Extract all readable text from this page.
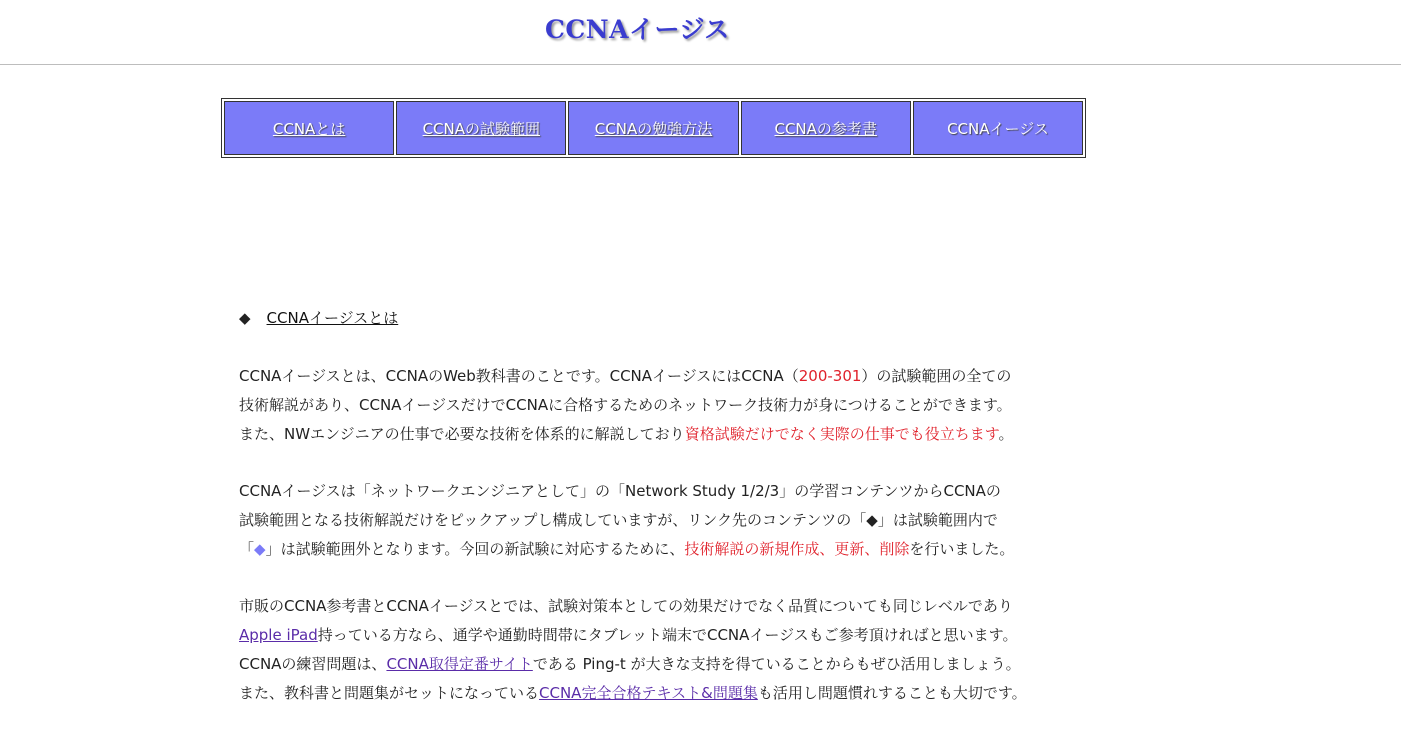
CCNAイージス
CCNAとは	CCNAの試験範囲	CCNAの勉強方法	CCNAの参考書	CCNAイージス
◆ CCNAイージスとは

CCNAイージスとは、CCNAのWeb教科書のことです。CCNAイージスにはCCNA（200-301）の試験範囲の全ての
技術解説があり、CCNAイージスだけでCCNAに合格するためのネットワーク技術力が身につけることができます。
また、NWエンジニアの仕事で必要な技術を体系的に解説しており資格試験だけでなく実際の仕事でも役立ちます。

CCNAイージスは「ネットワークエンジニアとして」の「Network Study 1/2/3」の学習コンテンツからCCNAの
試験範囲となる技術解説だけをピックアップし構成していますが、リンク先のコンテンツの「◆」は試験範囲内で
「◆」は試験範囲外となります。今回の新試験に対応するために、技術解説の新規作成、更新、削除を行いました。

市販のCCNA参考書とCCNAイージスとでは、試験対策本としての効果だけでなく品質についても同じレベルであり
Apple iPad持っている方なら、通学や通勤時間帯にタブレット端末でCCNAイージスもご参考頂ければと思います。
CCNAの練習問題は、CCNA取得定番サイトである Ping-t が大きな支持を得ていることからもぜひ活用しましょう。
また、教科書と問題集がセットになっているCCNA完全合格テキスト&問題集も活用し問題慣れすることも大切です。
